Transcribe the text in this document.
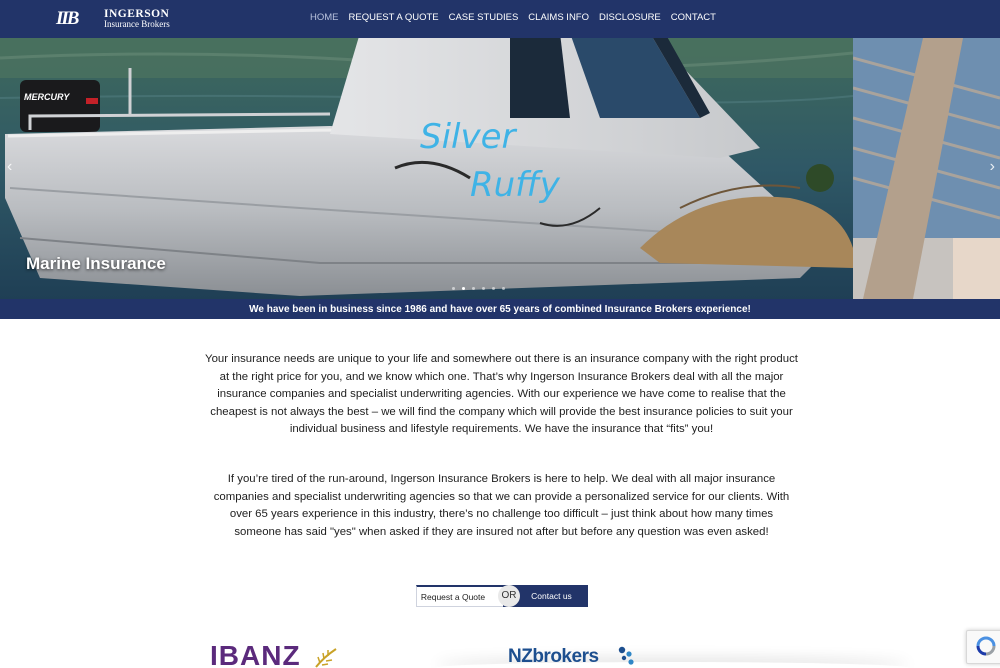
IIB INGERSON
Insurance Brokers
HOME	REQUEST A QUOTE	CASE STUDIES	CLAIMS INFO	DISCLOSURE	CONTACT
MERCURY
Silver
Ruffy
Marine Insurance
‹	›
We have been in business since 1986 and have over 65 years of combined Insurance Brokers experience!

Your insurance needs are unique to your life and somewhere out there is an insurance company with the right product at the right price for you, and we know which one. That’s why Ingerson Insurance Brokers deal with all the major insurance companies and specialist underwriting agencies. With our experience we have come to realise that the cheapest is not always the best – we will find the company which will provide the best insurance policies to suit your individual business and lifestyle requirements. We have the insurance that “fits” you!

If you’re tired of the run-around, Ingerson Insurance Brokers is here to help. We deal with all major insurance companies and specialist underwriting agencies so that we can provide a personalized service for our clients. With over 65 years experience in this industry, there’s no challenge too difficult – just think about how many times someone has said "yes" when asked if they are insured not after but before any question was even asked!

Request a Quote	Contact us
OR
IBANZ	NZbrokers
